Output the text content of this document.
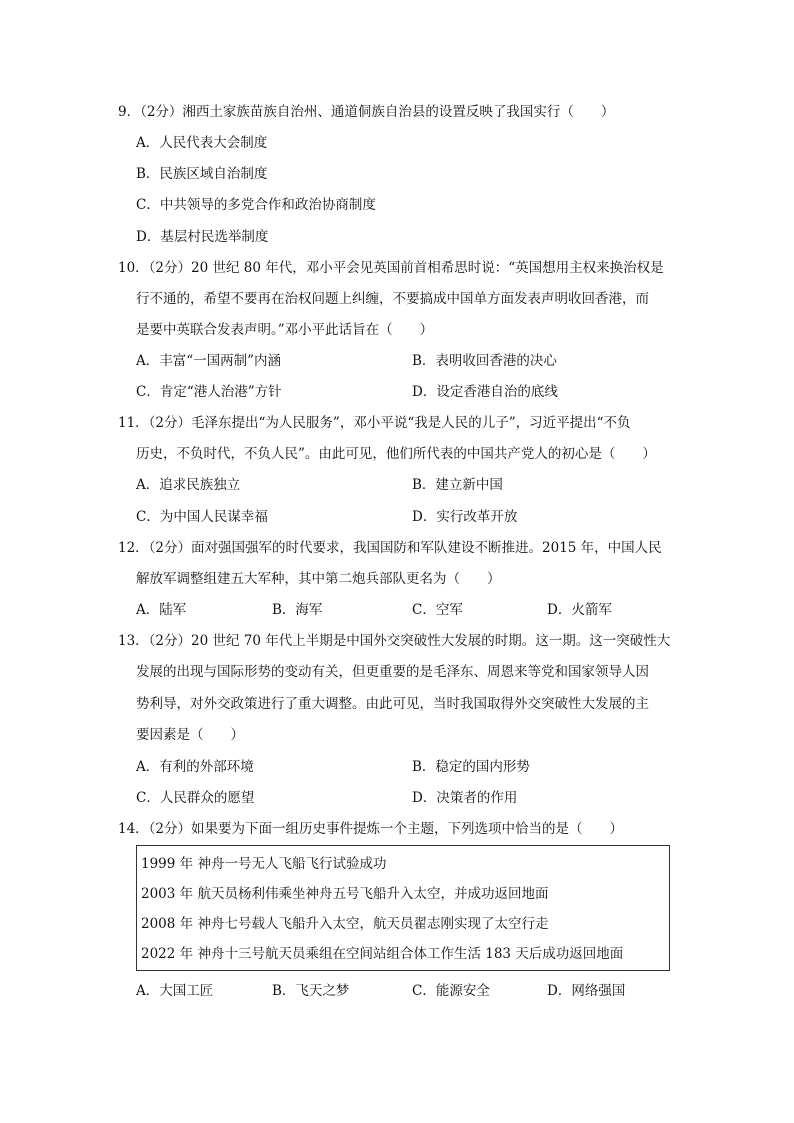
9．（2分）湘西土家族苗族自治州、通道侗族自治县的设置反映了我国实行（　　）
A．人民代表大会制度
B．民族区域自治制度
C．中共领导的多党合作和政治协商制度
D．基层村民选举制度
10．（2分）20 世纪 80 年代，邓小平会见英国前首相希思时说：“英国想用主权来换治权是
行不通的，希望不要再在治权问题上纠缠，不要搞成中国单方面发表声明收回香港，而
是要中英联合发表声明。”邓小平此话旨在（　　）
A．丰富“一国两制”内涵	B．表明收回香港的决心
C．肯定“港人治港”方针	D．设定香港自治的底线
11．（2分）毛泽东提出“为人民服务”，邓小平说“我是人民的儿子”，习近平提出“不负
历史，不负时代，不负人民”。由此可见，他们所代表的中国共产党人的初心是（　　）
A．追求民族独立	B．建立新中国
C．为中国人民谋幸福	D．实行改革开放
12．（2分）面对强国强军的时代要求，我国国防和军队建设不断推进。2015 年，中国人民
解放军调整组建五大军种，其中第二炮兵部队更名为（　　）
A．陆军	B．海军	C．空军	D．火箭军
13．（2分）20 世纪 70 年代上半期是中国外交突破性大发展的时期。这一期。这一突破性大
发展的出现与国际形势的变动有关，但更重要的是毛泽东、周恩来等党和国家领导人因
势利导，对外交政策进行了重大调整。由此可见，当时我国取得外交突破性大发展的主
要因素是（　　）
A．有利的外部环境	B．稳定的国内形势
C．人民群众的愿望	D．决策者的作用
14．（2分）如果要为下面一组历史事件提炼一个主题，下列选项中恰当的是（　　）
1999 年 神舟一号无人飞船飞行试验成功
2003 年 航天员杨利伟乘坐神舟五号飞船升入太空，并成功返回地面
2008 年 神舟七号载人飞船升入太空，航天员翟志刚实现了太空行走
2022 年 神舟十三号航天员乘组在空间站组合体工作生活 183 天后成功返回地面
A．大国工匠	B．飞天之梦	C．能源安全	D．网络强国
